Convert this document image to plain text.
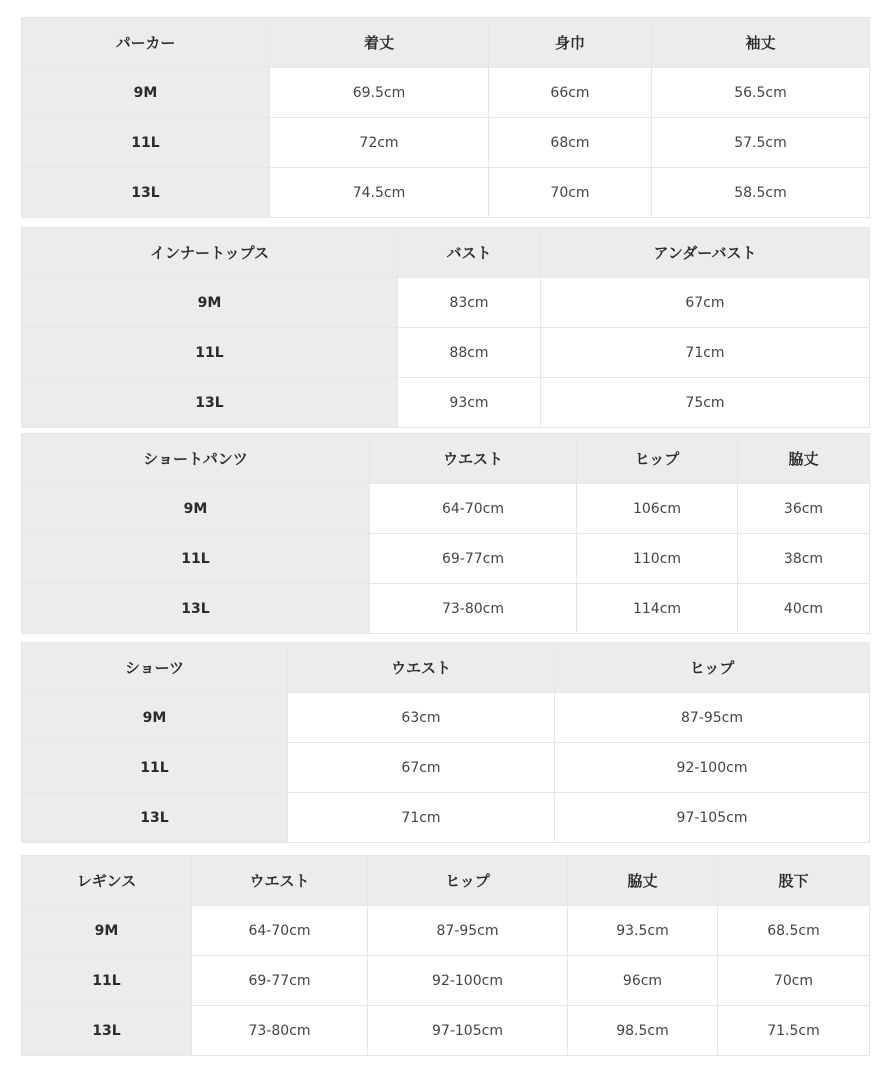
パーカー	着丈	身巾	袖丈
9M	69.5cm	66cm	56.5cm
11L	72cm	68cm	57.5cm
13L	74.5cm	70cm	58.5cm
インナートップス	バスト	アンダーバスト
9M	83cm	67cm
11L	88cm	71cm
13L	93cm	75cm
ショートパンツ	ウエスト	ヒップ	脇丈
9M	64-70cm	106cm	36cm
11L	69-77cm	110cm	38cm
13L	73-80cm	114cm	40cm
ショーツ	ウエスト	ヒップ
9M	63cm	87-95cm
11L	67cm	92-100cm
13L	71cm	97-105cm
レギンス	ウエスト	ヒップ	脇丈	股下
9M	64-70cm	87-95cm	93.5cm	68.5cm
11L	69-77cm	92-100cm	96cm	70cm
13L	73-80cm	97-105cm	98.5cm	71.5cm
